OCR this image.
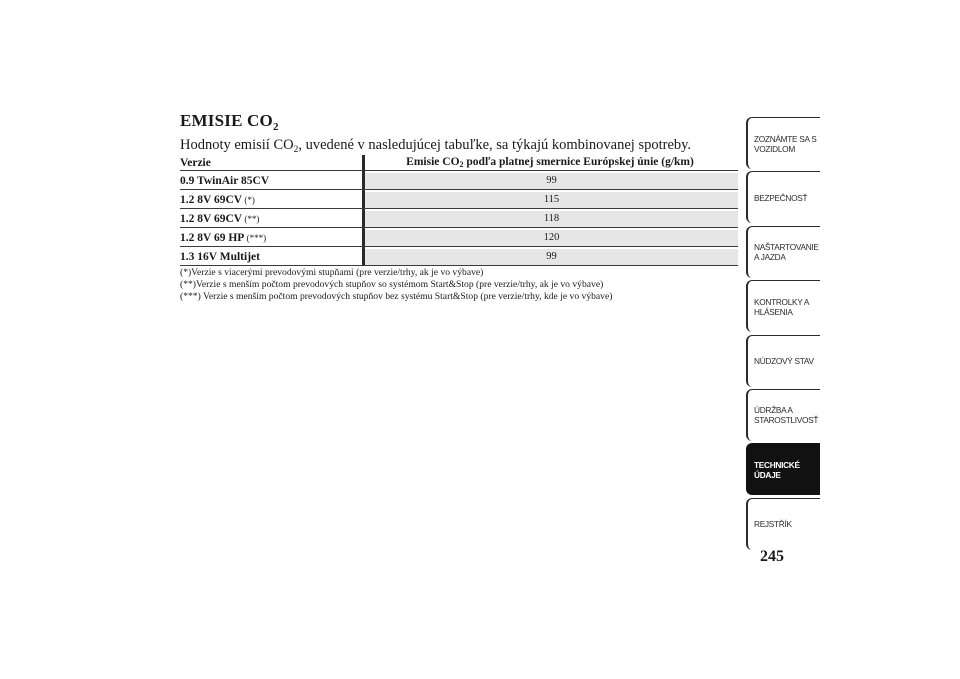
EMISIE $CO_2$
Hodnoty emisií $CO_2$, uvedené v nasledujúcej tabuľke, sa týkajú kombinovanej spotreby.
Verzie	Emisie $CO_2$ podľa platnej smernice Európskej únie (g/km)
0.9 TwinAir 85CV	99
1.2 8V 69CV (*)	115
1.2 8V 69CV (**)	118
1.2 8V 69 HP (***)	120
1.3 16V Multijet	99
(*)Verzie s viacerými prevodovými stupňami (pre verzie/trhy, ak je vo výbave)
(**)Verzie s menším počtom prevodových stupňov so systémom Start&Stop (pre verzie/trhy, ak je vo výbave)
(***) Verzie s menším počtom prevodových stupňov bez systému Start&Stop (pre verzie/trhy, kde je vo výbave)
ZOZNÁMTE SA S VOZIDLOM
BEZPEČNOSŤ
NAŠTARTOVANIE A JAZDA
KONTROLKY A HLÁSENIA
NÚDZOVÝ STAV
ÚDRŽBA A STAROSTLIVOSŤ
TECHNICKÉ ÚDAJE
REJSTŘÍK
245
